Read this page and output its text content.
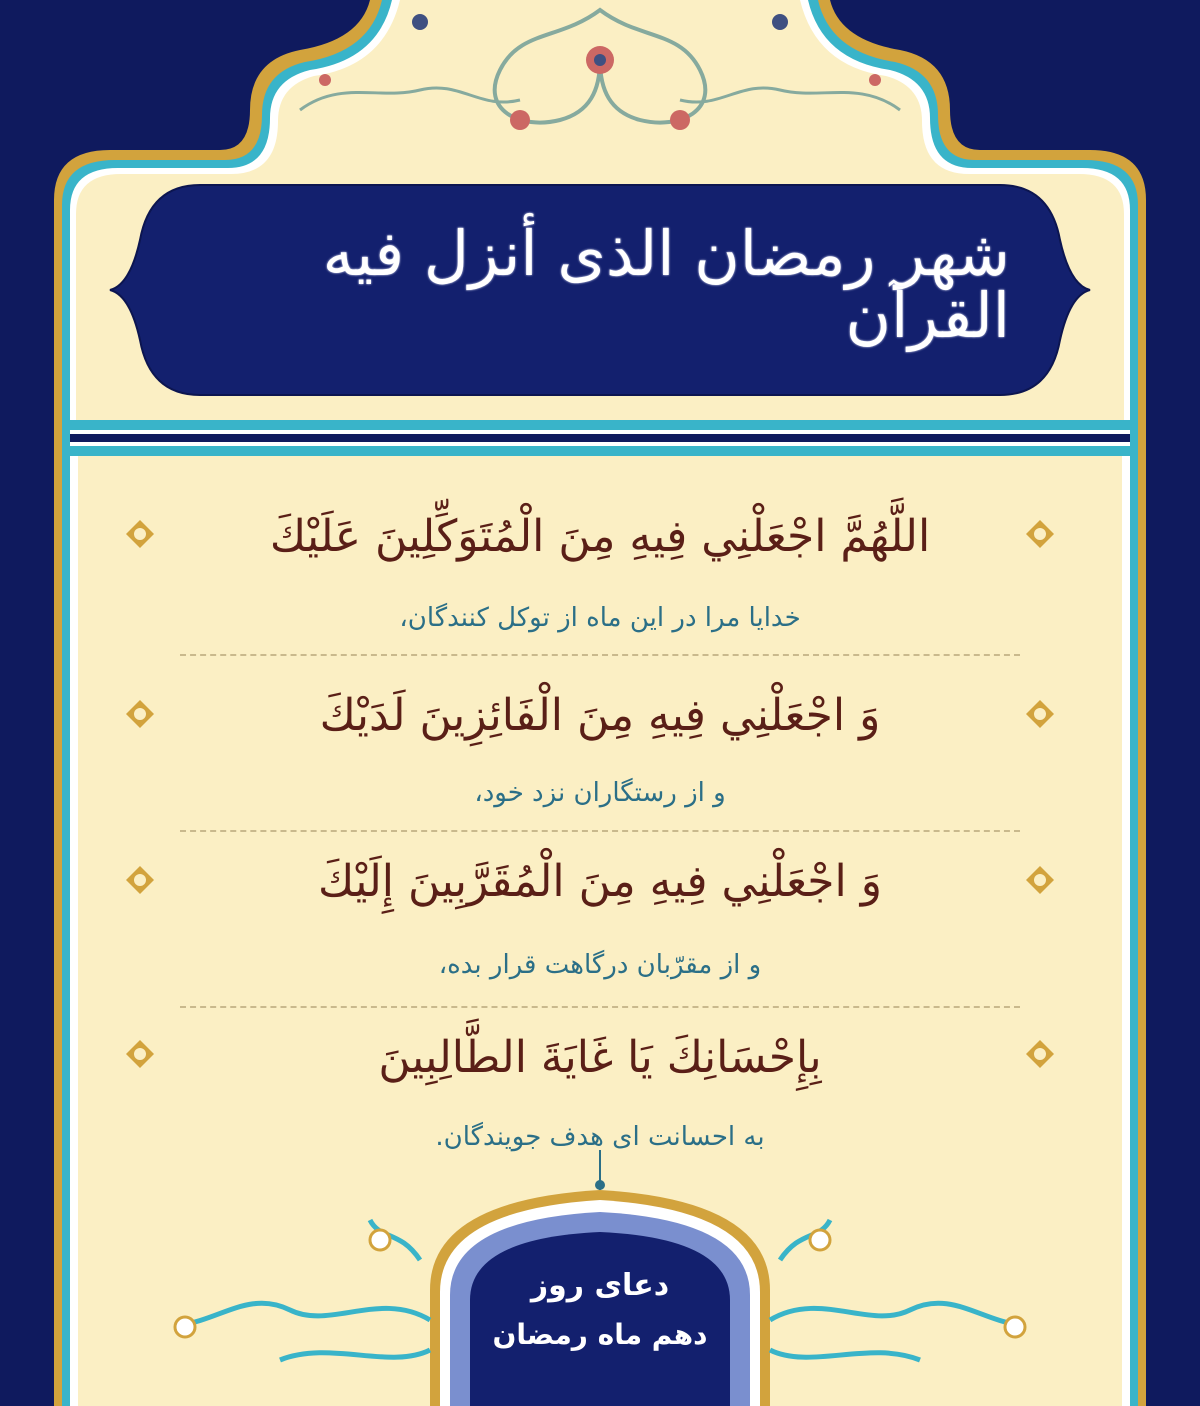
شهر رمضان الذی أنزل فیه القرآن
اللَّهُمَّ اجْعَلْنِي فِيهِ مِنَ الْمُتَوَكِّلِينَ عَلَيْكَ
خدایا مرا در این ماه از توکل کنندگان،
وَ اجْعَلْنِي فِيهِ مِنَ الْفَائِزِينَ لَدَيْكَ
و از رستگاران نزد خود،
وَ اجْعَلْنِي فِيهِ مِنَ الْمُقَرَّبِينَ إِلَيْكَ
و از مقرّبان درگاهت قرار بده،
بِإِحْسَانِكَ يَا غَايَةَ الطَّالِبِينَ
به احسانت ای هدف جویندگان.
دعای روز
دهم ماه رمضان
